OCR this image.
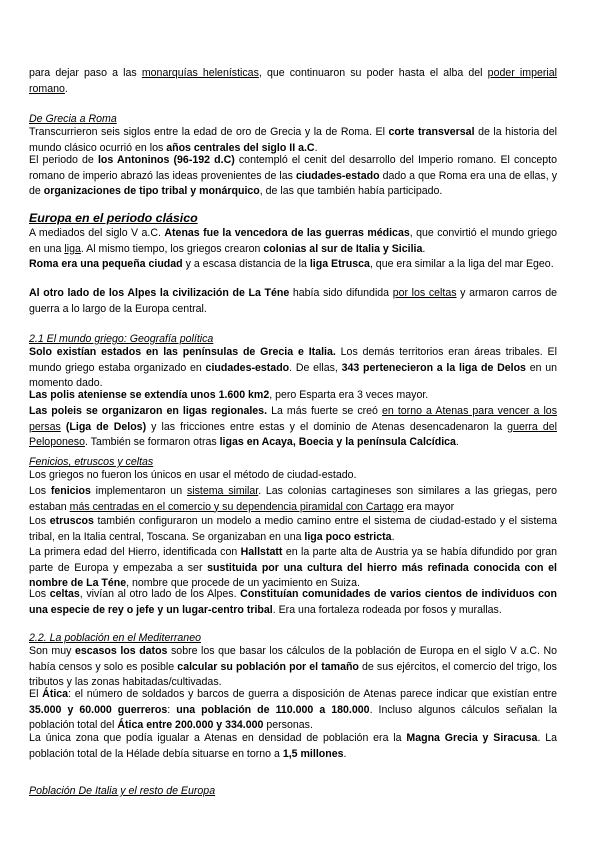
para dejar paso a las monarquías helenísticas, que continuaron su poder hasta el alba del poder imperial romano.

De Grecia a Roma

Transcurrieron seis siglos entre la edad de oro de Grecia y la de Roma. El corte transversal de la historia del mundo clásico ocurrió en los años centrales del siglo II a.C.

El periodo de los Antoninos (96-192 d.C) contempló el cenit del desarrollo del Imperio romano. El concepto romano de imperio abrazó las ideas provenientes de las ciudades-estado dado a que Roma era una de ellas, y de organizaciones de tipo tribal y monárquico, de las que también había participado.

Europa en el periodo clásico

A mediados del siglo V a.C. Atenas fue la vencedora de las guerras médicas, que convirtió el mundo griego en una liga. Al mismo tiempo, los griegos crearon colonias al sur de Italia y Sicilia.

Roma era una pequeña ciudad y a escasa distancia de la liga Etrusca, que era similar a la liga del mar Egeo.

Al otro lado de los Alpes la civilización de La Téne había sido difundida por los celtas y armaron carros de guerra a lo largo de la Europa central.

2.1 El mundo griego: Geografía política

Solo existían estados en las penínsulas de Grecia e Italia. Los demás territorios eran áreas tribales. El mundo griego estaba organizado en ciudades-estado. De ellas, 343 pertenecieron a la liga de Delos en un momento dado.

Las polis ateniense se extendía unos 1.600 km2, pero Esparta era 3 veces mayor.

Las poleis se organizaron en ligas regionales. La más fuerte se creó en torno a Atenas para vencer a los persas (Liga de Delos) y las fricciones entre estas y el dominio de Atenas desencadenaron la guerra del Peloponeso. También se formaron otras ligas en Acaya, Boecia y la península Calcídica.

Fenicios, etruscos y celtas

Los griegos no fueron los únicos en usar el método de ciudad-estado.

Los fenicios implementaron un sistema similar. Las colonias cartagineses son similares a las griegas, pero estaban más centradas en el comercio y su dependencia piramidal con Cartago era mayor

Los etruscos también configuraron un modelo a medio camino entre el sistema de ciudad-estado y el sistema tribal, en la Italia central, Toscana. Se organizaban en una liga poco estricta.

La primera edad del Hierro, identificada con Hallstatt en la parte alta de Austria ya se había difundido por gran parte de Europa y empezaba a ser sustituida por una cultura del hierro más refinada conocida con el nombre de La Téne, nombre que procede de un yacimiento en Suiza.

Los celtas, vivían al otro lado de los Alpes. Constituían comunidades de varios cientos de individuos con una especie de rey o jefe y un lugar-centro tribal. Era una fortaleza rodeada por fosos y murallas.

2.2. La población en el Mediterraneo

Son muy escasos los datos sobre los que basar los cálculos de la población de Europa en el siglo V a.C. No había censos y solo es posible calcular su población por el tamaño de sus ejércitos, el comercio del trigo, los tributos y las zonas habitadas/cultivadas.

El Ática: el número de soldados y barcos de guerra a disposición de Atenas parece indicar que existían entre 35.000 y 60.000 guerreros: una población de 110.000 a 180.000. Incluso algunos cálculos señalan la población total del Ática entre 200.000 y 334.000 personas.

La única zona que podía igualar a Atenas en densidad de población era la Magna Grecia y Siracusa. La población total de la Hélade debía situarse en torno a 1,5 millones.

Población De Italia y el resto de Europa
